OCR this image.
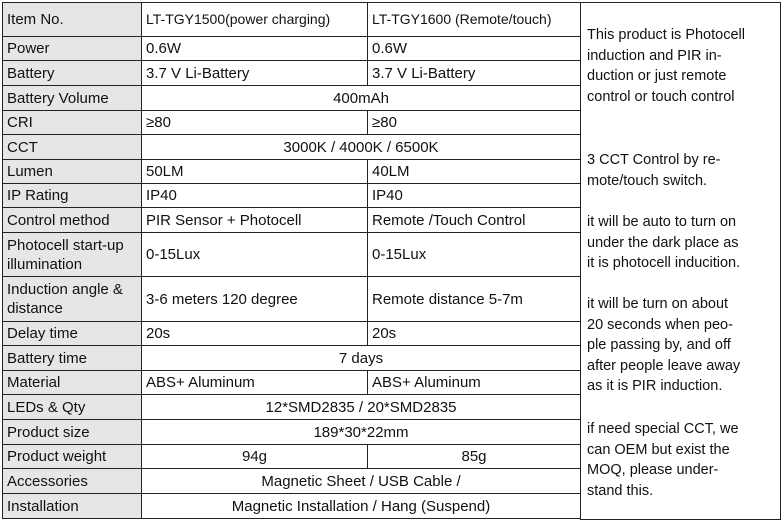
Item No.	LT-TGY1500(power charging)	LT-TGY1600 (Remote/touch)
Power	0.6W	0.6W
Battery	3.7 V Li-Battery	3.7 V Li-Battery
Battery Volume	400mAh	
CRI	≥80	≥80
CCT	3000K / 4000K / 6500K	
Lumen	50LM	40LM
IP Rating	IP40	IP40
Control method	PIR Sensor + Photocell	Remote /Touch Control
Photocell start-up illumination	0-15Lux	0-15Lux
Induction angle & distance	3-6 meters 120 degree	Remote distance 5-7m
Delay time	20s	20s
Battery time	7 days	
Material	ABS+ Aluminum	ABS+ Aluminum
LEDs & Qty	12*SMD2835 / 20*SMD2835	
Product size	189*30*22mm	
Product weight	94g	85g
Accessories	Magnetic Sheet / USB Cable /	
Installation	Magnetic Installation / Hang (Suspend)	
This product is Photocell
induction and PIR in-
duction or just remote
control or touch control
3 CCT Control by re-
mote/touch switch.
it will be auto to turn on
under the dark place as
it is photocell inducition.
it will be turn on about
20 seconds when peo-
ple passing by, and off
after people leave away
as it is PIR induction.
if need special CCT, we
can OEM but exist the
MOQ, please under-
stand this.
